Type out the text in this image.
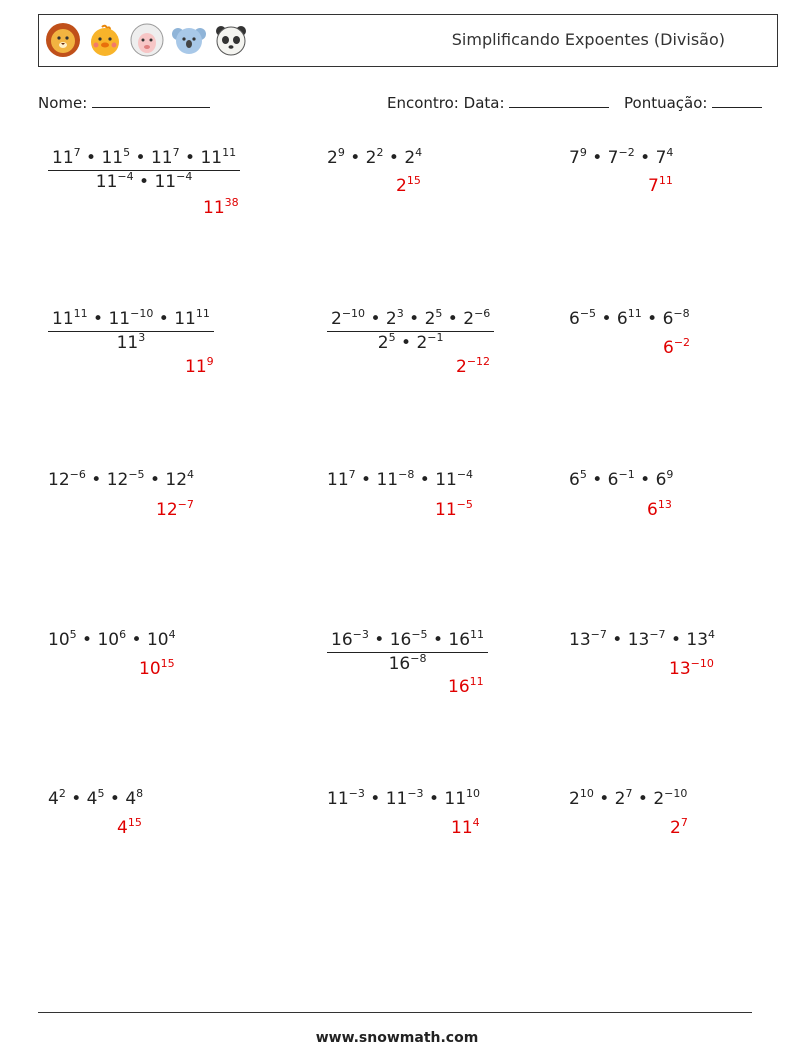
Simplificando Expoentes (Divisão)
Nome:	Encontro: Data:	Pontuação:
$\frac{11^7 • 11^5 • 11^7 • 11^{11}}{11^{-4} • 11^{-4}}$
$11^{38}$
$2^9$ • $2^2$ • $2^4$
$2^{15}$
$7^9$ • $7^{-2}$ • $7^4$
$7^{11}$
$\frac{11^{11} • 11^{-10} • 11^{11}}{11^3}$
$11^9$
$\frac{2^{-10} • 2^3 • 2^5 • 2^{-6}}{2^5 • 2^{-1}}$
$2^{-12}$
$6^{-5}$ • $6^{11}$ • $6^{-8}$
$6^{-2}$
$12^{-6}$ • $12^{-5}$ • $12^4$
$12^{-7}$
$11^7$ • $11^{-8}$ • $11^{-4}$
$11^{-5}$
$6^5$ • $6^{-1}$ • $6^9$
$6^{13}$
$10^5$ • $10^6$ • $10^4$
$10^{15}$	$\frac{16^{-3} • 16^{-5} • 16^{11}}{16^{-8}}$
$16^{11}$
$13^{-7}$ • $13^{-7}$ • $13^4$
$13^{-10}$
$4^2$ • $4^5$ • $4^8$
$4^{15}$
$11^{-3}$ • $11^{-3}$ • $11^{10}$
$11^4$
$2^{10}$ • $2^7$ • $2^{-10}$
$2^7$
www.snowmath.com
